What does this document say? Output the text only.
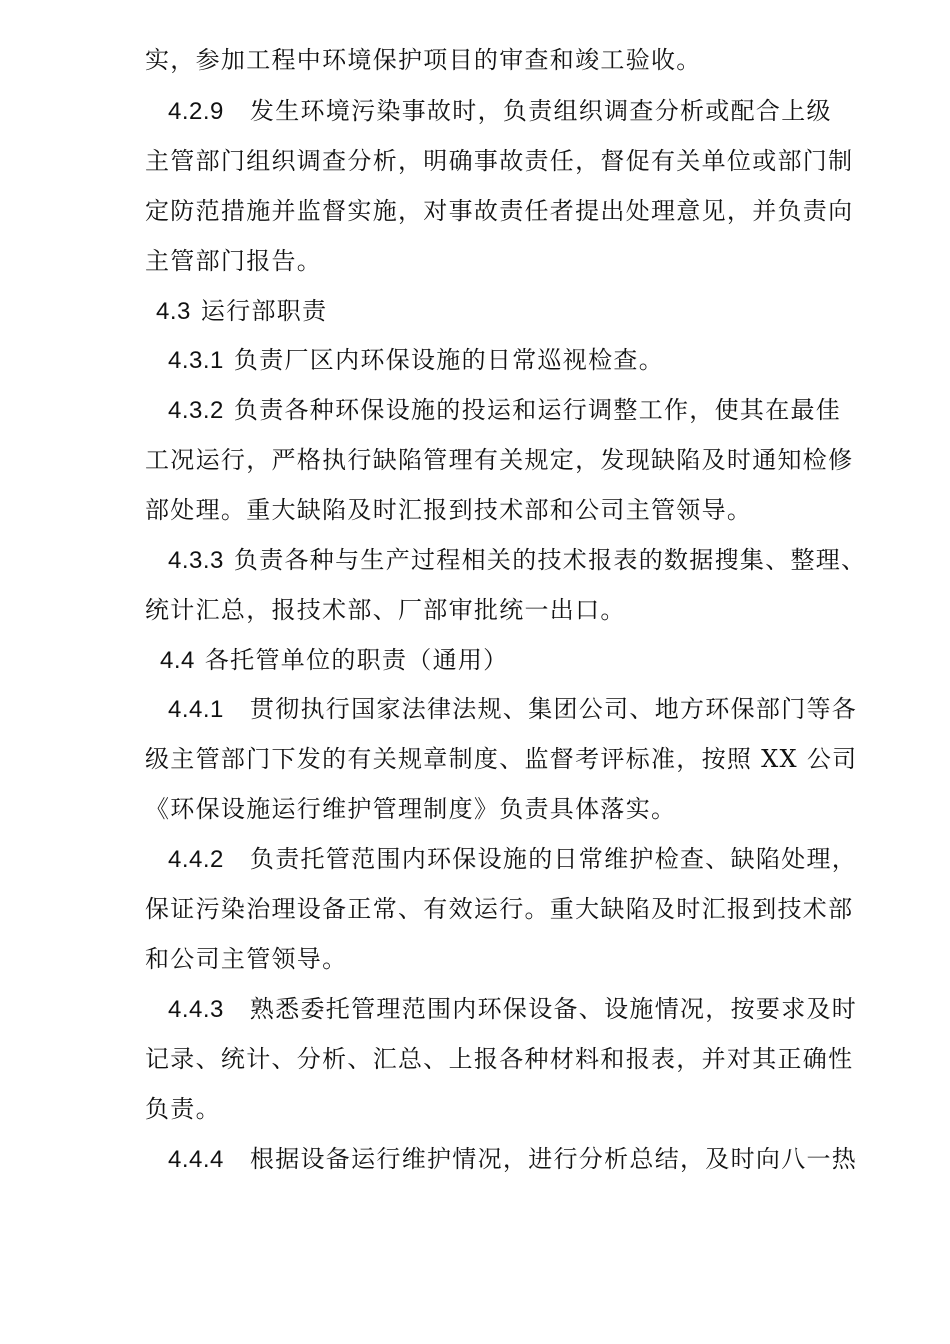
实，参加工程中环境保护项目的审查和竣工验收。
4.2.9 发生环境污染事故时，负责组织调查分析或配合上级
主管部门组织调查分析，明确事故责任，督促有关单位或部门制
定防范措施并监督实施，对事故责任者提出处理意见，并负责向
主管部门报告。
4.3 运行部职责
4.3.1 负责厂区内环保设施的日常巡视检查。
4.3.2 负责各种环保设施的投运和运行调整工作，使其在最佳
工况运行，严格执行缺陷管理有关规定，发现缺陷及时通知检修
部处理。重大缺陷及时汇报到技术部和公司主管领导。
4.3.3 负责各种与生产过程相关的技术报表的数据搜集、整理、
统计汇总，报技术部、厂部审批统一出口。
4.4 各托管单位的职责（通用）
4.4.1 贯彻执行国家法律法规、集团公司、地方环保部门等各
级主管部门下发的有关规章制度、监督考评标准，按照 XX 公司
《环保设施运行维护管理制度》负责具体落实。
4.4.2 负责托管范围内环保设施的日常维护检查、缺陷处理，
保证污染治理设备正常、有效运行。重大缺陷及时汇报到技术部
和公司主管领导。
4.4.3 熟悉委托管理范围内环保设备、设施情况，按要求及时
记录、统计、分析、汇总、上报各种材料和报表，并对其正确性
负责。
4.4.4 根据设备运行维护情况，进行分析总结，及时向八一热
